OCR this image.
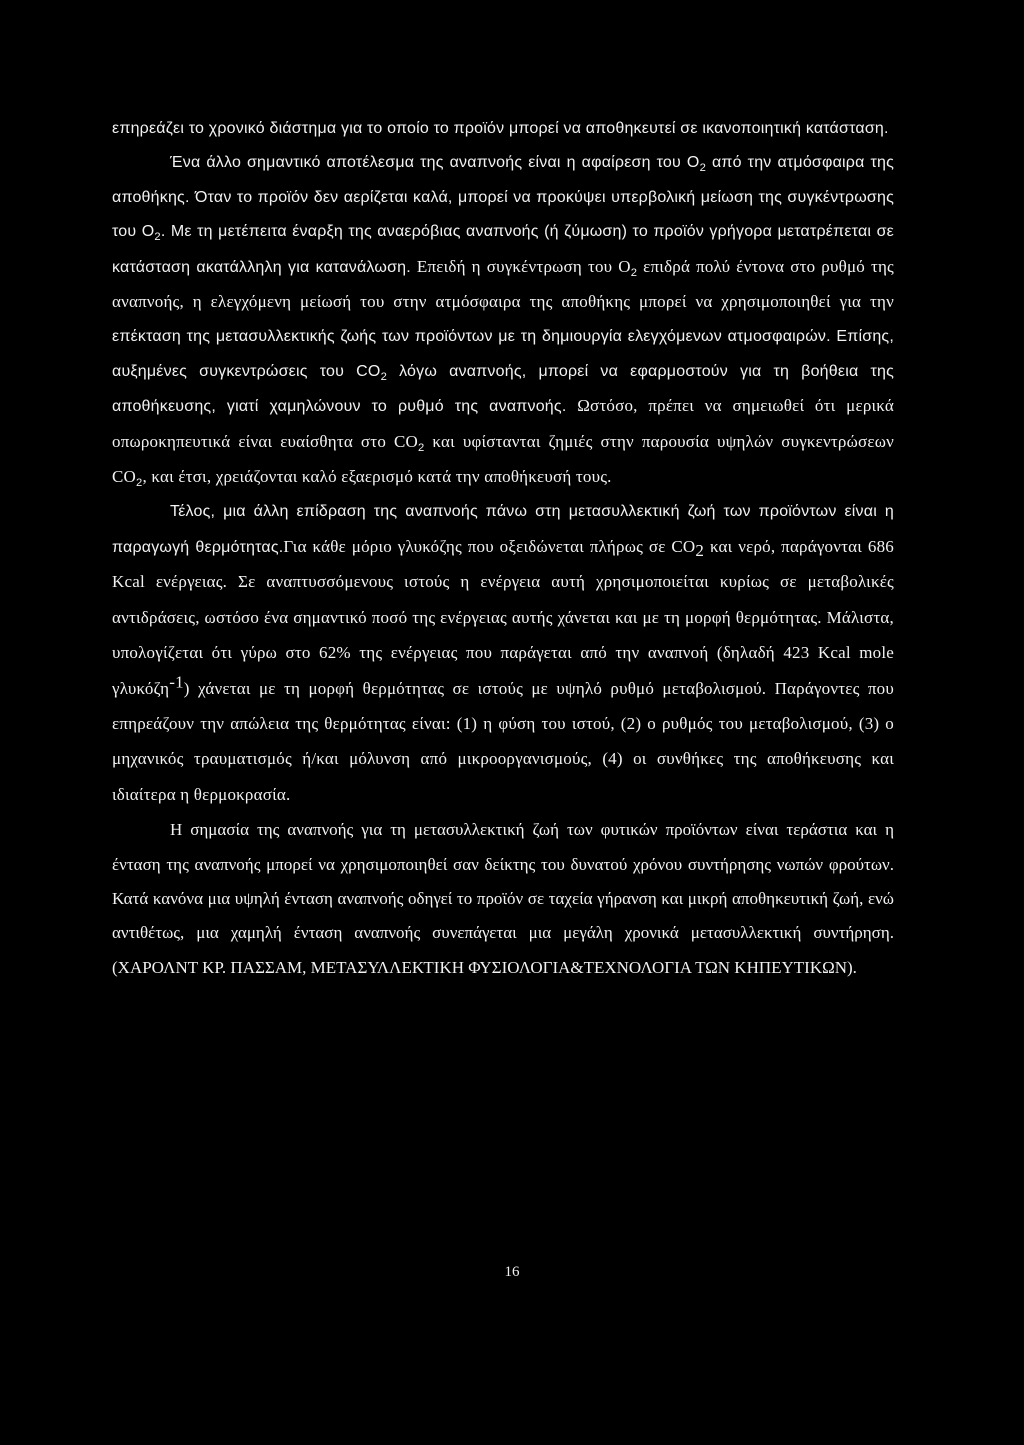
επηρεάζει το χρονικό διάστημα για το οποίο το προϊόν μπορεί να αποθηκευτεί σε ικανοποιητική κατάσταση.

Ένα άλλο σημαντικό αποτέλεσμα της αναπνοής είναι η αφαίρεση του $O_2$ από την ατμόσφαιρα της αποθήκης. Όταν το προϊόν δεν αερίζεται καλά, μπορεί να προκύψει υπερβολική μείωση της συγκέντρωσης του $O_2$. Με τη μετέπειτα έναρξη της αναερόβιας αναπνοής (ή ζύμωση) το προϊόν γρήγορα μετατρέπεται σε κατάσταση ακατάλληλη για κατανάλωση. Επειδή η συγκέντρωση του $O_2$ επιδρά πολύ έντονα στο ρυθμό της αναπνοής, η ελεγχόμενη μείωσή του στην ατμόσφαιρα της αποθήκης μπορεί να χρησιμοποιηθεί για την επέκταση της μετασυλλεκτικής ζωής των προϊόντων με τη δημιουργία ελεγχόμενων ατμοσφαιρών. Επίσης, αυξημένες συγκεντρώσεις του $CO_2$ λόγω αναπνοής, μπορεί να εφαρμοστούν για τη βοήθεια της αποθήκευσης, γιατί χαμηλώνουν το ρυθμό της αναπνοής. Ωστόσο, πρέπει να σημειωθεί ότι μερικά οπωροκηπευτικά είναι ευαίσθητα στο $CO_2$ και υφίστανται ζημιές στην παρουσία υψηλών συγκεντρώσεων $CO_2$, και έτσι, χρειάζονται καλό εξαερισμό κατά την αποθήκευσή τους.

Τέλος, μια άλλη επίδραση της αναπνοής πάνω στη μετασυλλεκτική ζωή των προϊόντων είναι η παραγωγή θερμότητας.Για κάθε μόριο γλυκόζης που οξειδώνεται πλήρως σε $CO_2$ και νερό, παράγονται 686 Kcal ενέργειας. Σε αναπτυσσόμενους ιστούς η ενέργεια αυτή χρησιμοποιείται κυρίως σε μεταβολικές αντιδράσεις, ωστόσο ένα σημαντικό ποσό της ενέργειας αυτής χάνεται και με τη μορφή θερμότητας. Μάλιστα, υπολογίζεται ότι γύρω στο 62% της ενέργειας που παράγεται από την αναπνοή (δηλαδή 423 Kcal mole γλυκόζη$^{-1}$) χάνεται με τη μορφή θερμότητας σε ιστούς με υψηλό ρυθμό μεταβολισμού. Παράγοντες που επηρεάζουν την απώλεια της θερμότητας είναι: (1) η φύση του ιστού, (2) ο ρυθμός του μεταβολισμού, (3) ο μηχανικός τραυματισμός ή/και μόλυνση από μικροοργανισμούς, (4) οι συνθήκες της αποθήκευσης και ιδιαίτερα η θερμοκρασία.

Η σημασία της αναπνοής για τη μετασυλλεκτική ζωή των φυτικών προϊόντων είναι τεράστια και η ένταση της αναπνοής μπορεί να χρησιμοποιηθεί σαν δείκτης του δυνατού χρόνου συντήρησης νωπών φρούτων. Κατά κανόνα μια υψηλή ένταση αναπνοής οδηγεί το προϊόν σε ταχεία γήρανση και μικρή αποθηκευτική ζωή, ενώ αντιθέτως, μια χαμηλή ένταση αναπνοής συνεπάγεται μια μεγάλη χρονικά μετασυλλεκτική συντήρηση.(ΧΑΡΟΛΝΤ ΚΡ. ΠΑΣΣΑΜ, ΜΕΤΑΣΥΛΛΕΚΤΙΚΗ ΦΥΣΙΟΛΟΓΙΑ&ΤΕΧΝΟΛΟΓΙΑ ΤΩΝ ΚΗΠΕΥΤΙΚΩΝ).

16
